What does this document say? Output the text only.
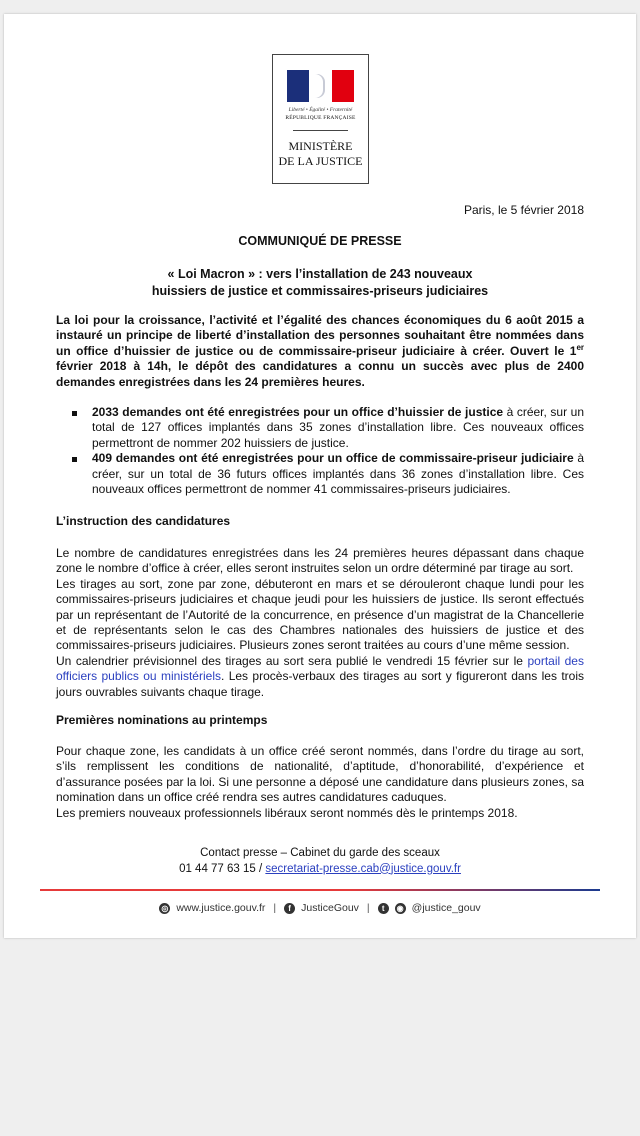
Liberté • Égalité • Fraternité
RÉPUBLIQUE FRANÇAISE
MINISTÈRE
DE LA JUSTICE
Paris, le 5 février 2018
COMMUNIQUÉ DE PRESSE
« Loi Macron » : vers l’installation de 243 nouveaux
huissiers de justice et commissaires-priseurs judiciaires
La loi pour la croissance, l’activité et l’égalité des chances économiques du 6 août 2015 a instauré un principe de liberté d’installation des personnes souhaitant être nommées dans un office d’huissier de justice ou de commissaire-priseur judiciaire à créer. Ouvert le 1er février 2018 à 14h, le dépôt des candidatures a connu un succès avec plus de 2400 demandes enregistrées dans les 24 premières heures.
2033 demandes ont été enregistrées pour un office d’huissier de justice à créer, sur un total de 127 offices implantés dans 35 zones d’installation libre. Ces nouveaux offices permettront de nommer 202 huissiers de justice.
409 demandes ont été enregistrées pour un office de commissaire-priseur judiciaire à créer, sur un total de 36 futurs offices implantés dans 36 zones d’installation libre. Ces nouveaux offices permettront de nommer 41 commissaires-priseurs judiciaires.
L’instruction des candidatures
Le nombre de candidatures enregistrées dans les 24 premières heures dépassant dans chaque zone le nombre d’office à créer, elles seront instruites selon un ordre déterminé par tirage au sort.
Les tirages au sort, zone par zone, débuteront en mars et se dérouleront chaque lundi pour les commissaires-priseurs judiciaires et chaque jeudi pour les huissiers de justice. Ils seront effectués par un représentant de l’Autorité de la concurrence, en présence d’un magistrat de la Chancellerie et de représentants selon le cas des Chambres nationales des huissiers de justice et des commissaires-priseurs judiciaires. Plusieurs zones seront traitées au cours d’une même session.
Un calendrier prévisionnel des tirages au sort sera publié le vendredi 15 février sur le portail des officiers publics ou ministériels. Les procès-verbaux des tirages au sort y figureront dans les trois jours ouvrables suivants chaque tirage.
Premières nominations au printemps
Pour chaque zone, les candidats à un office créé seront nommés, dans l’ordre du tirage au sort, s’ils remplissent les conditions de nationalité, d’aptitude, d’honorabilité, d’expérience et d’assurance posées par la loi. Si une personne a déposé une candidature dans plusieurs zones, sa nomination dans un office créé rendra ses autres candidatures caduques.
Les premiers nouveaux professionnels libéraux seront nommés dès le printemps 2018.
Contact presse – Cabinet du garde des sceaux
01 44 77 63 15 / secretariat-presse.cab@justice.gouv.fr
◎ www.justice.gouv.fr |	f JusticeGouv |	t	◉ @justice_gouv
